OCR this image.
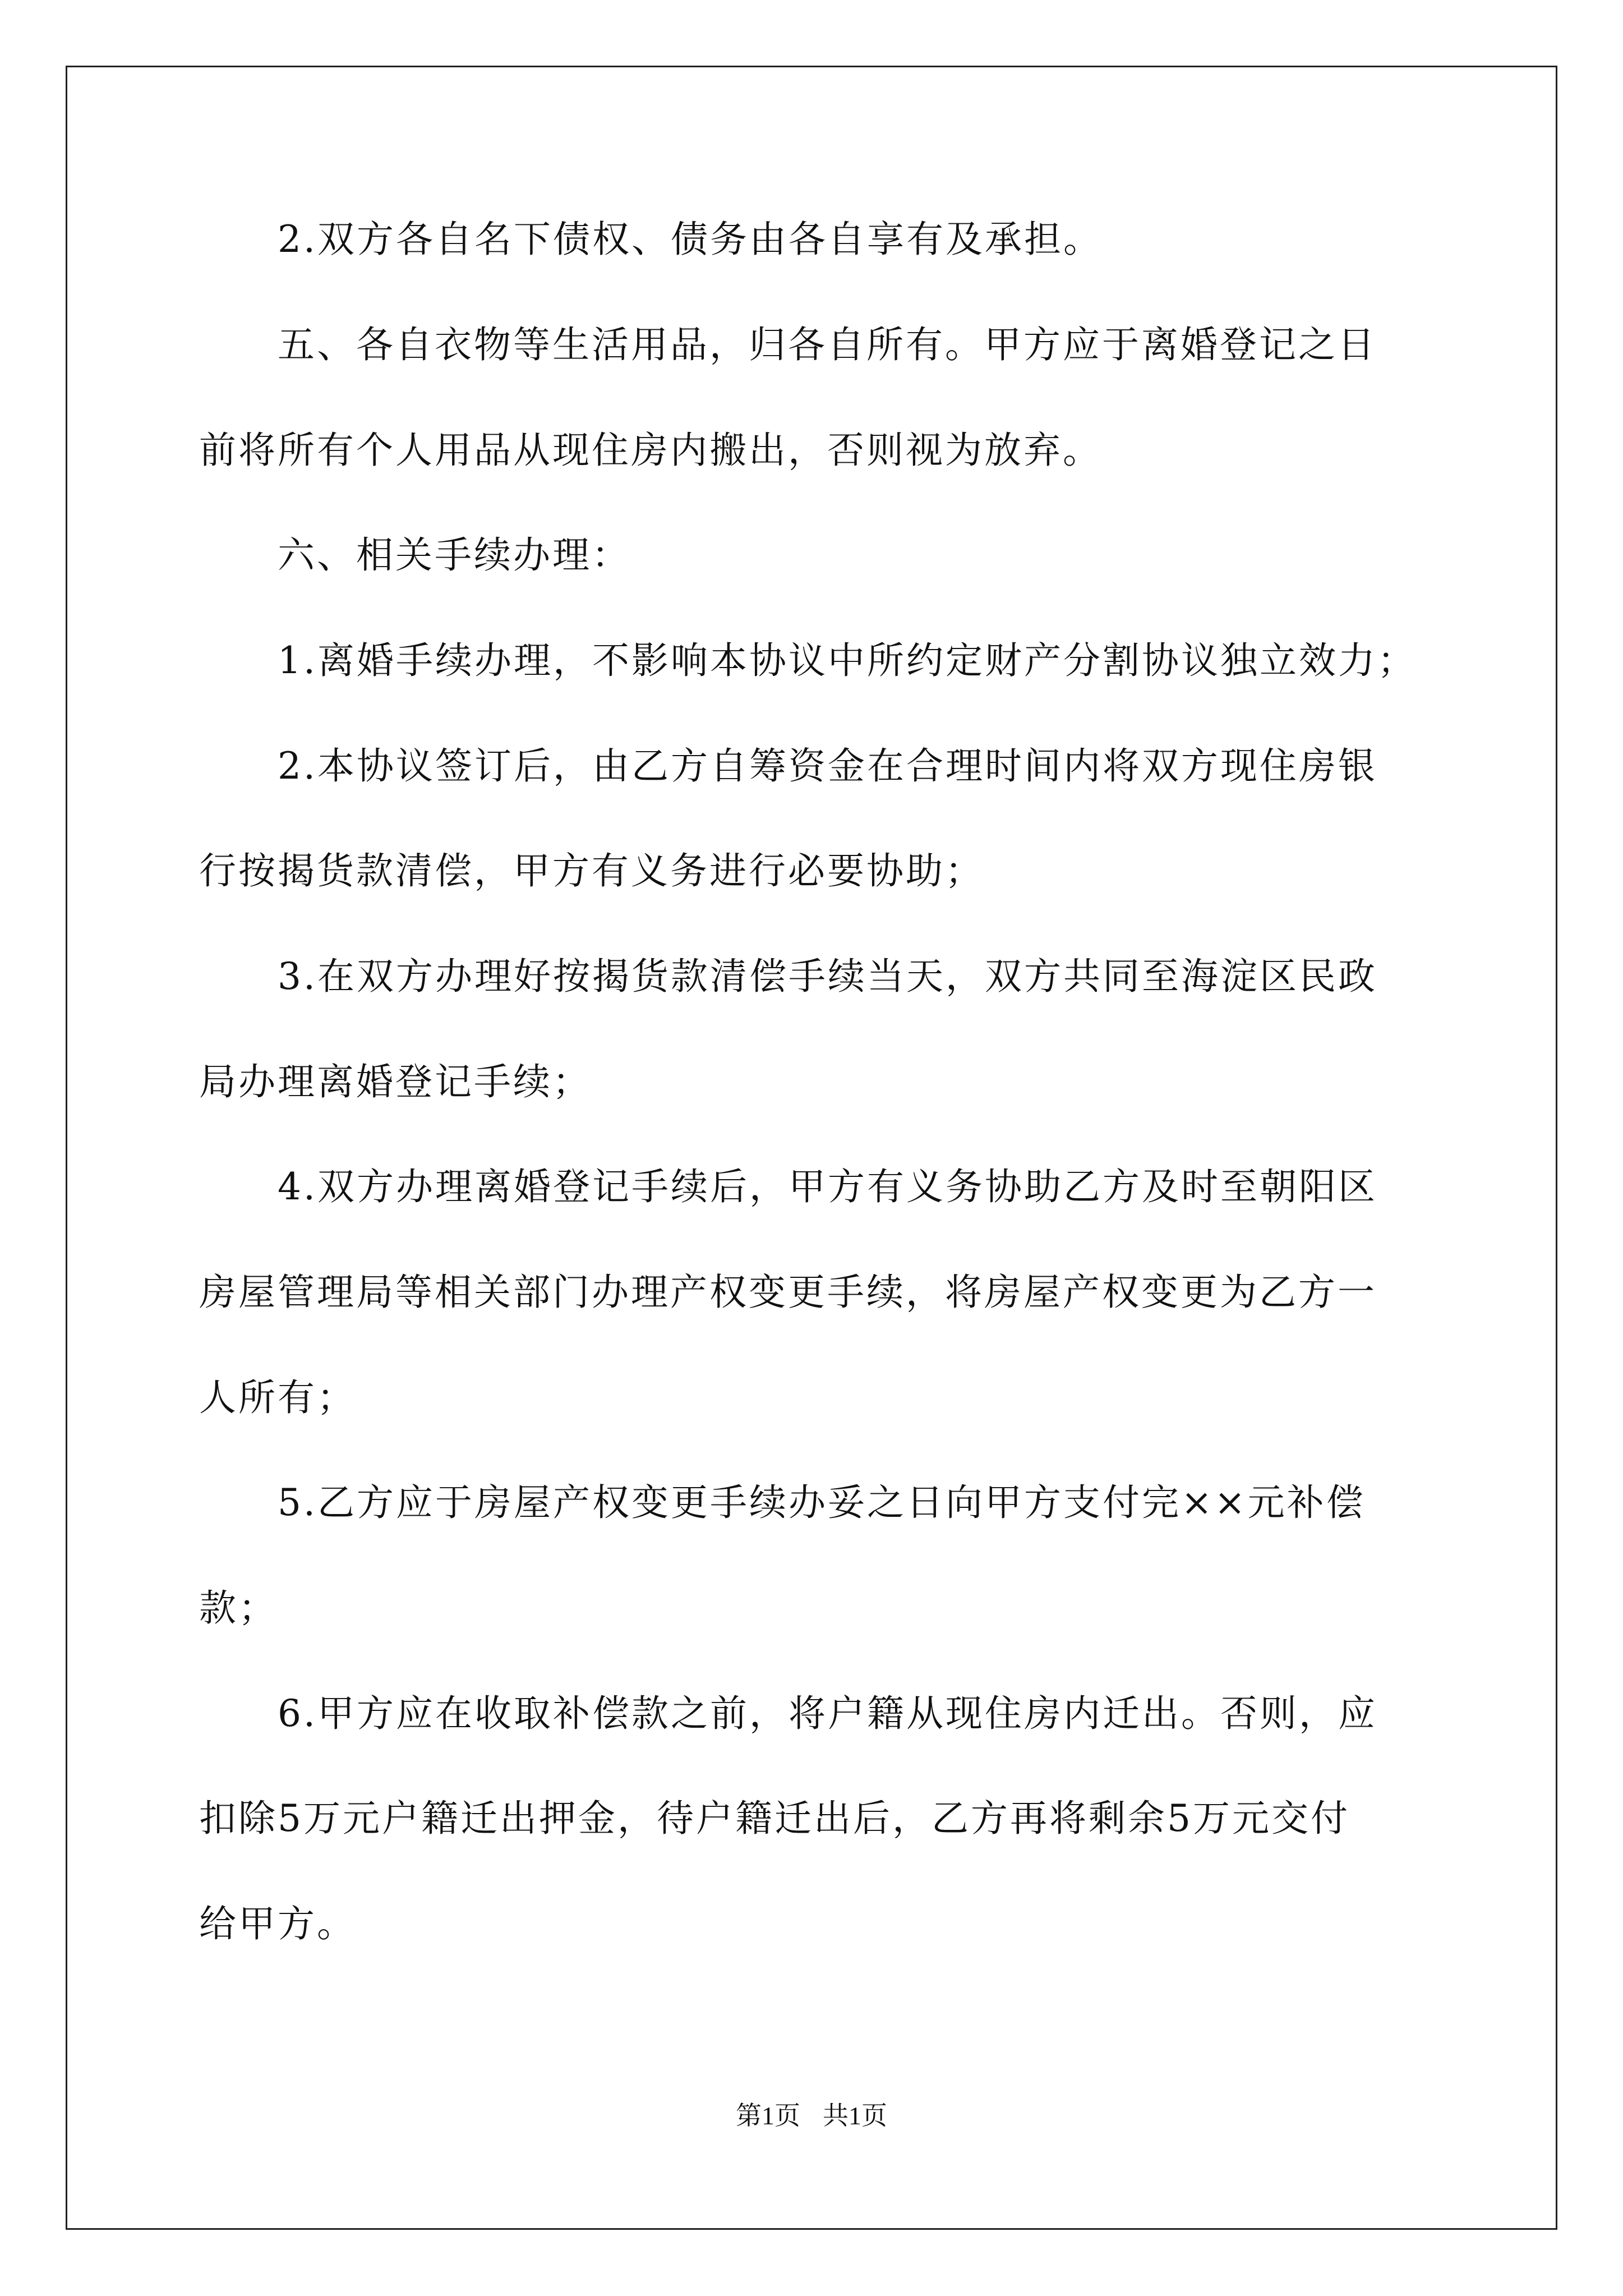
2.双方各自名下债权、债务由各自享有及承担。
五、各自衣物等生活用品，归各自所有。甲方应于离婚登记之日
前将所有个人用品从现住房内搬出，否则视为放弃。
六、相关手续办理：
1.离婚手续办理，不影响本协议中所约定财产分割协议独立效力；
2.本协议签订后，由乙方自筹资金在合理时间内将双方现住房银
行按揭货款清偿，甲方有义务进行必要协助；
3.在双方办理好按揭货款清偿手续当天，双方共同至海淀区民政
局办理离婚登记手续；
4.双方办理离婚登记手续后，甲方有义务协助乙方及时至朝阳区
房屋管理局等相关部门办理产权变更手续，将房屋产权变更为乙方一
人所有；
5.乙方应于房屋产权变更手续办妥之日向甲方支付完××元补偿
款；
6.甲方应在收取补偿款之前，将户籍从现住房内迁出。否则，应
扣除5万元户籍迁出押金，待户籍迁出后，乙方再将剩余5万元交付
给甲方。
第1页 共1页
